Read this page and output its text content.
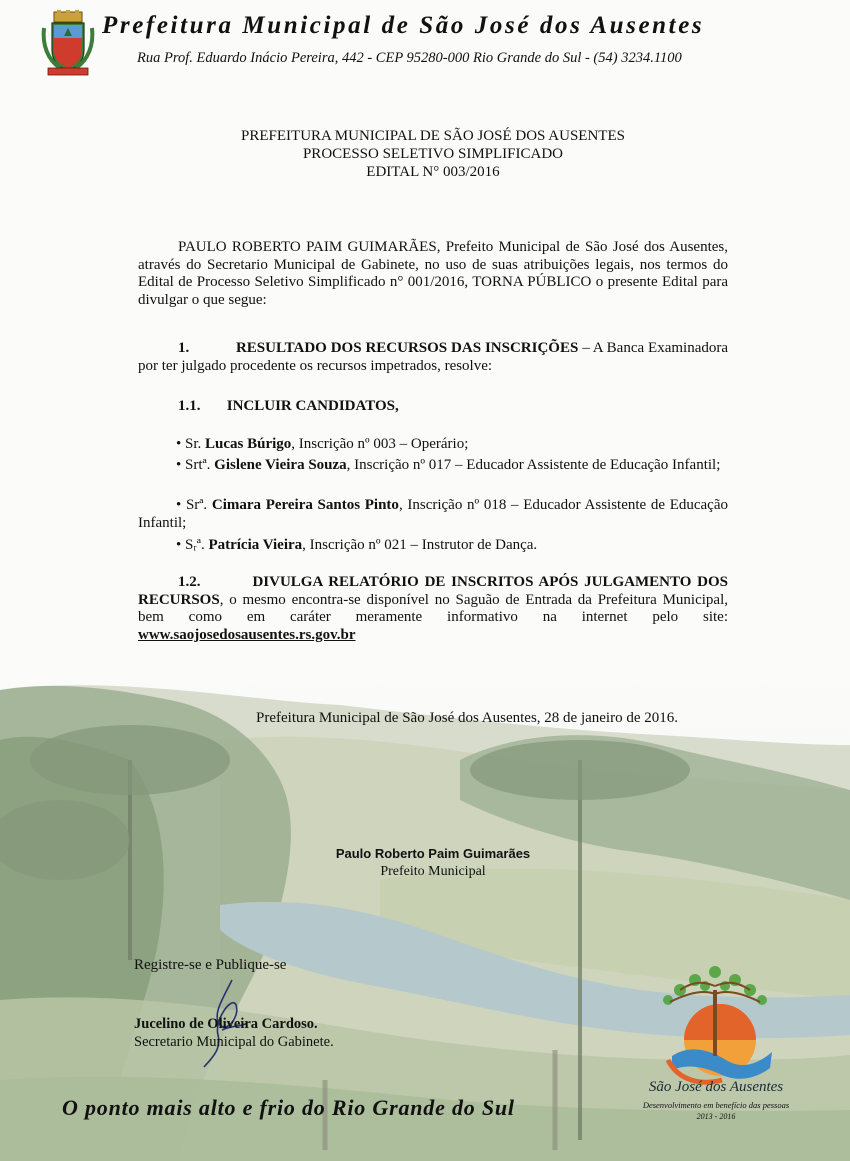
Prefeitura Municipal de São José dos Ausentes
Rua Prof. Eduardo Inácio Pereira, 442 - CEP 95280-000 Rio Grande do Sul - (54) 3234.1100
PREFEITURA MUNICIPAL DE SÃO JOSÉ DOS AUSENTES
PROCESSO SELETIVO SIMPLIFICADO
EDITAL N° 003/2016

PAULO ROBERTO PAIM GUIMARÃES, Prefeito Municipal de São José dos Ausentes, através do Secretario Municipal de Gabinete, no uso de suas atribuições legais, nos termos do Edital de Processo Seletivo Simplificado n° 001/2016, TORNA PÚBLICO o presente Edital para divulgar o que segue:

1.	RESULTADO DOS RECURSOS DAS INSCRIÇÕES – A Banca Examinadora por ter julgado procedente os recursos impetrados, resolve:

1.1. INCLUIR CANDIDATOS,
• Sr. Lucas Búrigo, Inscrição nº 003 – Operário;
• Srtª. Gislene Vieira Souza, Inscrição nº 017 – Educador Assistente de Educação Infantil;
• Srª. Cimara Pereira Santos Pinto, Inscrição nº 018 – Educador Assistente de Educação Infantil;
• Sᵣª. Patrícia Vieira, Inscrição nº 021 – Instrutor de Dança.

1.2.	DIVULGA RELATÓRIO DE INSCRITOS APÓS JULGAMENTO DOS RECURSOS, o mesmo encontra-se disponível no Saguão de Entrada da Prefeitura Municipal, bem como em caráter meramente informativo na internet pelo site: www.saojosedosausentes.rs.gov.br

Prefeitura Municipal de São José dos Ausentes, 28 de janeiro de 2016.
Paulo Roberto Paim Guimarães
Prefeito Municipal
Registre-se e Publique-se
Jucelino de Oliveira Cardoso.
Secretario Municipal do Gabinete.
O ponto mais alto e frio do Rio Grande do Sul
São José dos Ausentes
Desenvolvimento em benefício das pessoas
2013 - 2016
